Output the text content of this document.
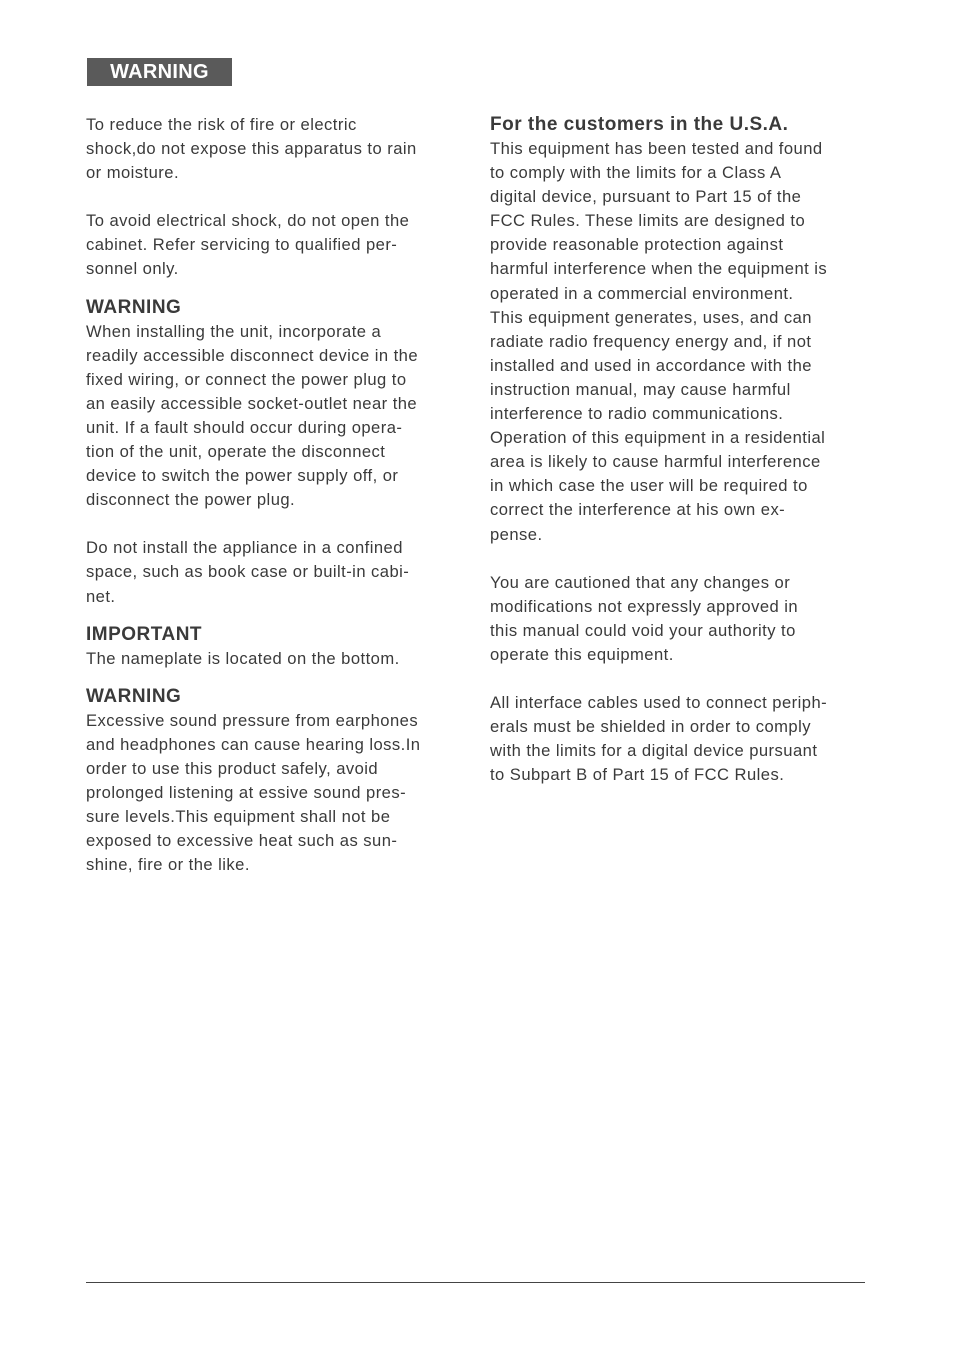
WARNING

To reduce the risk of fire or electric
shock,do not expose this apparatus to rain
or moisture.

To avoid electrical shock, do not open the
cabinet. Refer servicing to qualified per-
sonnel only.

WARNING

When installing the unit, incorporate a
readily accessible disconnect device in the
fixed wiring, or connect the power plug to
an easily accessible socket-outlet near the
unit. If a fault should occur during opera-
tion of the unit, operate the disconnect
device to switch the power supply off, or
disconnect the power plug.

Do not install the appliance in a confined
space, such as book case or built-in cabi-
net.

IMPORTANT

The nameplate is located on the bottom.

WARNING

Excessive sound pressure from earphones
and headphones can cause hearing loss.In
order to use this product safely, avoid
prolonged listening at essive sound pres-
sure levels.This equipment shall not be
exposed to excessive heat such as sun-
shine, fire or the like.

For the customers in the U.S.A.

This equipment has been tested and found
to comply with the limits for a Class A
digital device, pursuant to Part 15 of the
FCC Rules. These limits are designed to
provide reasonable protection against
harmful interference when the equipment is
operated in a commercial environment.
This equipment generates, uses, and can
radiate radio frequency energy and, if not
installed and used in accordance with the
instruction manual, may cause harmful
interference to radio communications.
Operation of this equipment in a residential
area is likely to cause harmful interference
in which case the user will be required to
correct the interference at his own ex-
pense.

You are cautioned that any changes or
modifications not expressly approved in
this manual could void your authority to
operate this equipment.

All interface cables used to connect periph-
erals must be shielded in order to comply
with the limits for a digital device pursuant
to Subpart B of Part 15 of FCC Rules.
